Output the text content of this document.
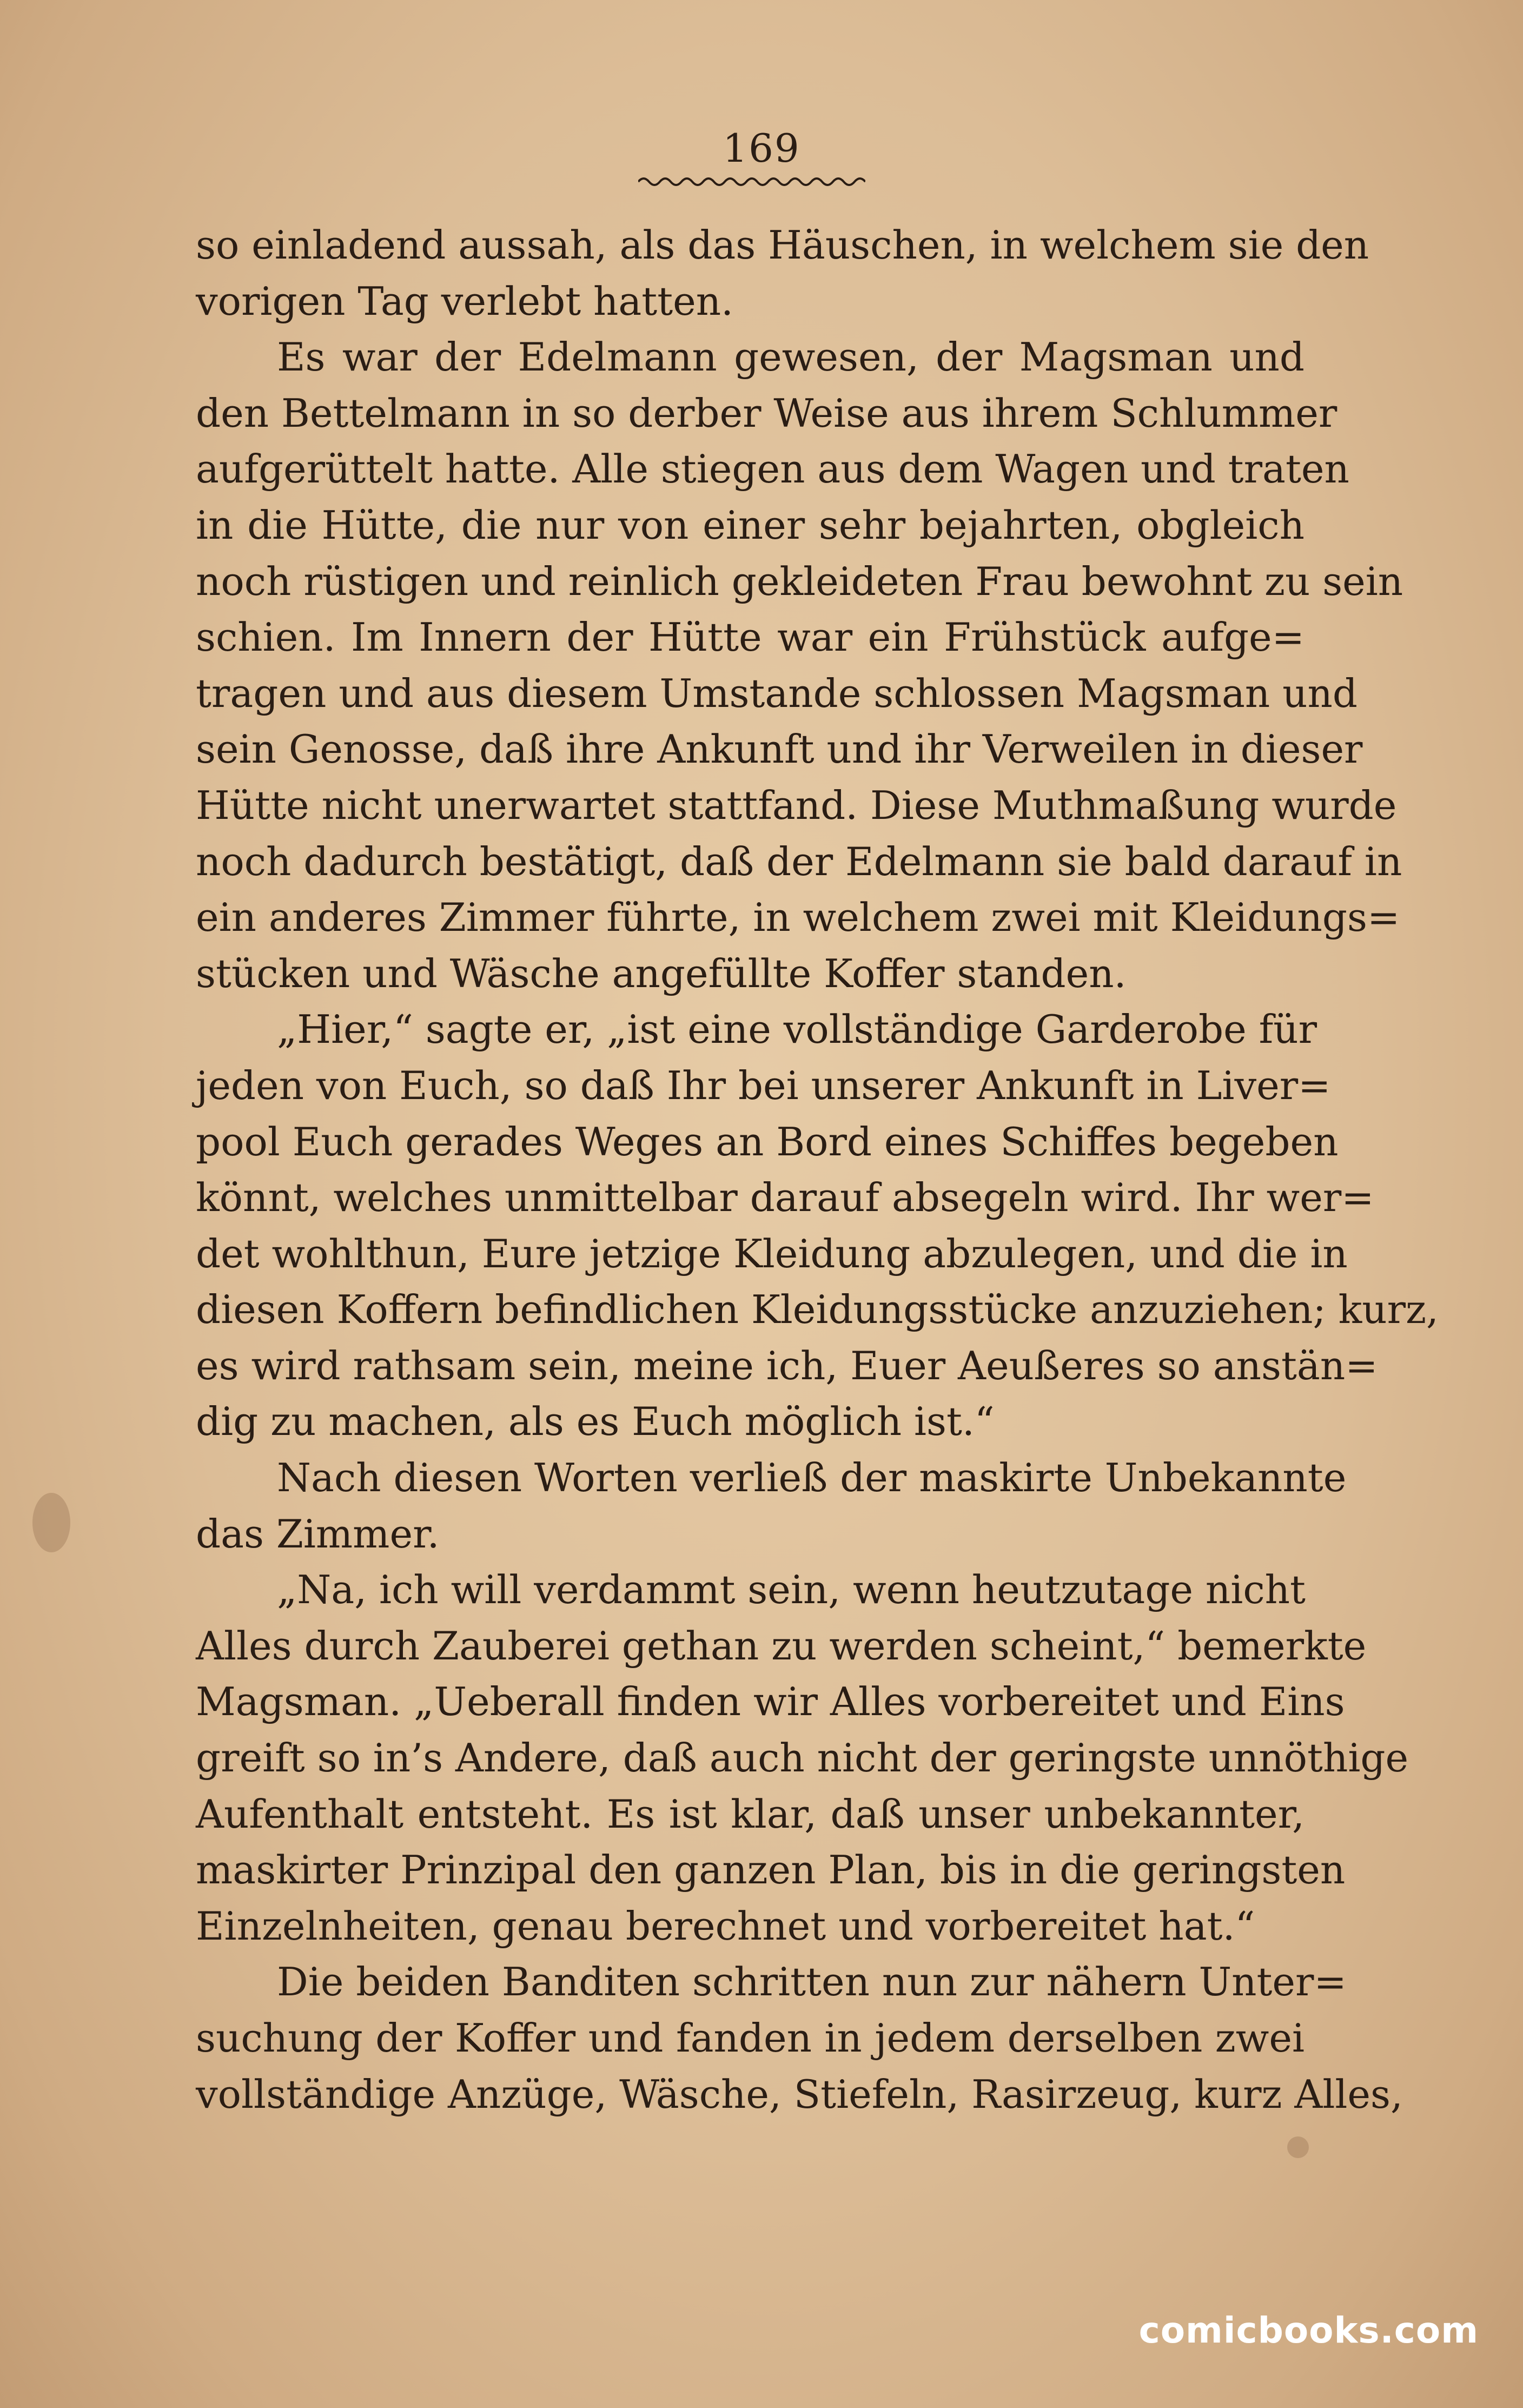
169
so einladend aussah, als das Häuschen, in welchem sie den
vorigen Tag verlebt hatten.
Es war der Edelmann gewesen, der Magsman und
den Bettelmann in so derber Weise aus ihrem Schlummer
aufgerüttelt hatte. Alle stiegen aus dem Wagen und traten
in die Hütte, die nur von einer sehr bejahrten, obgleich
noch rüstigen und reinlich gekleideten Frau bewohnt zu sein
schien. Im Innern der Hütte war ein Frühstück aufge=
tragen und aus diesem Umstande schlossen Magsman und
sein Genosse, daß ihre Ankunft und ihr Verweilen in dieser
Hütte nicht unerwartet stattfand. Diese Muthmaßung wurde
noch dadurch bestätigt, daß der Edelmann sie bald darauf in
ein anderes Zimmer führte, in welchem zwei mit Kleidungs=
stücken und Wäsche angefüllte Koffer standen.
„Hier,“ sagte er, „ist eine vollständige Garderobe für
jeden von Euch, so daß Ihr bei unserer Ankunft in Liver=
pool Euch gerades Weges an Bord eines Schiffes begeben
könnt, welches unmittelbar darauf absegeln wird. Ihr wer=
det wohlthun, Eure jetzige Kleidung abzulegen, und die in
diesen Koffern befindlichen Kleidungsstücke anzuziehen; kurz,
es wird rathsam sein, meine ich, Euer Aeußeres so anstän=
dig zu machen, als es Euch möglich ist.“
Nach diesen Worten verließ der maskirte Unbekannte
das Zimmer.
„Na, ich will verdammt sein, wenn heutzutage nicht
Alles durch Zauberei gethan zu werden scheint,“ bemerkte
Magsman. „Ueberall finden wir Alles vorbereitet und Eins
greift so in’s Andere, daß auch nicht der geringste unnöthige
Aufenthalt entsteht. Es ist klar, daß unser unbekannter,
maskirter Prinzipal den ganzen Plan, bis in die geringsten
Einzelnheiten, genau berechnet und vorbereitet hat.“
Die beiden Banditen schritten nun zur nähern Unter=
suchung der Koffer und fanden in jedem derselben zwei
vollständige Anzüge, Wäsche, Stiefeln, Rasirzeug, kurz Alles,
comicbooks.com
